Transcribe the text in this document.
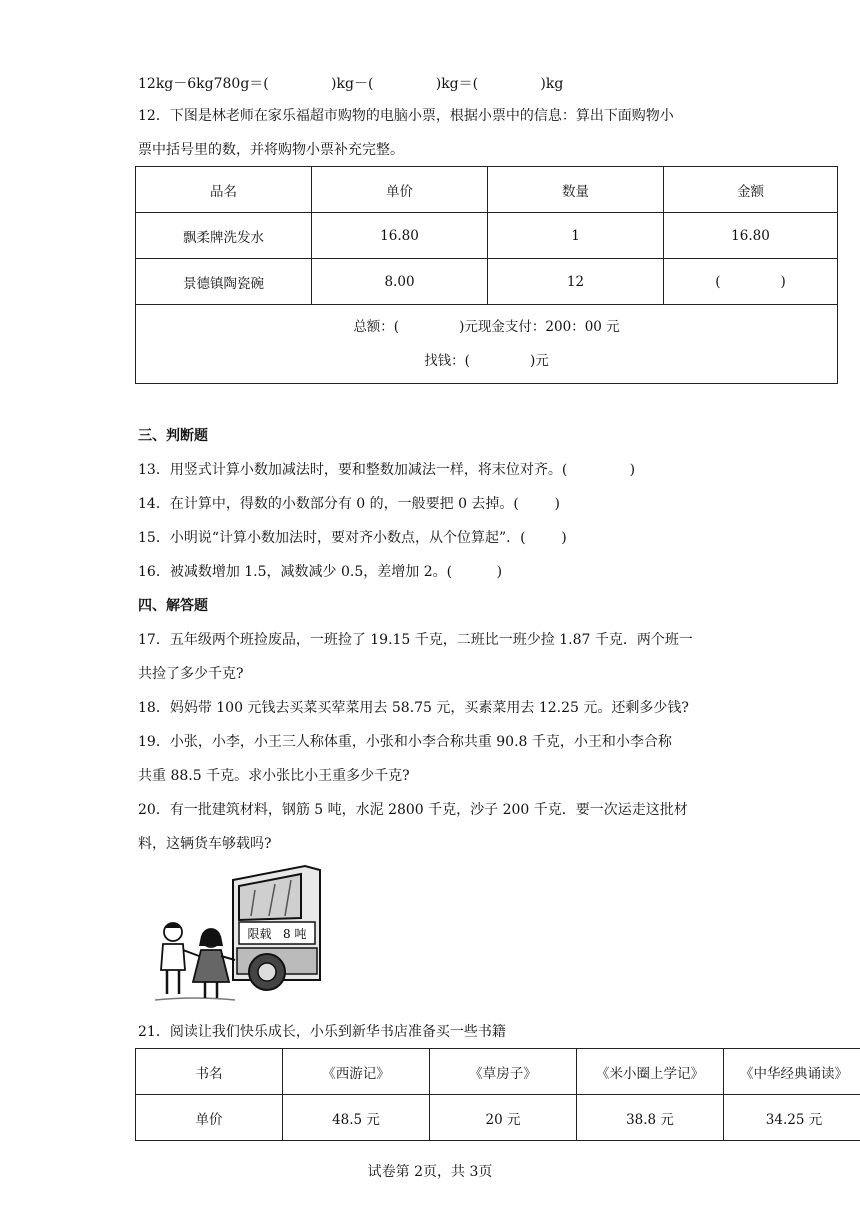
12kg－6kg780g＝(              )kg－(              )kg＝(              )kg
12．下图是林老师在家乐福超市购物的电脑小票，根据小票中的信息：算出下面购物小
票中括号里的数，并将购物小票补充完整。
品名	单价	数量	金额
飘柔牌洗发水	16.80	1	16.80
景德镇陶瓷碗	8.00	12	(              )

总额：(              )元现金支付：200：00 元
找钱：(              )元			
三、判断题
13．用竖式计算小数加减法时，要和整数加减法一样，将末位对齐。(              )
14．在计算中，得数的小数部分有 0 的，一般要把 0 去掉。(        )
15．小明说“计算小数加法时，要对齐小数点，从个位算起”．(        )
16．被减数增加 1.5，减数减少 0.5，差增加 2。(          )
四、解答题
17．五年级两个班捡废品，一班捡了 19.15 千克，二班比一班少捡 1.87 千克．两个班一
共捡了多少千克?
18．妈妈带 100 元钱去买菜买荤菜用去 58.75 元，买素菜用去 12.25 元。还剩多少钱?
19．小张，小李，小王三人称体重，小张和小李合称共重 90.8 千克，小王和小李合称
共重 88.5 千克。求小张比小王重多少千克?
20．有一批建筑材料，钢筋 5 吨，水泥 2800 千克，沙子 200 千克．要一次运走这批材
料，这辆货车够载吗?
限载   8 吨
21．阅读让我们快乐成长，小乐到新华书店准备买一些书籍
书名	《西游记》	《草房子》	《米小圈上学记》	《中华经典诵读》
单价	48.5 元	20 元	38.8 元	34.25 元
试卷第 2页，共 3页
